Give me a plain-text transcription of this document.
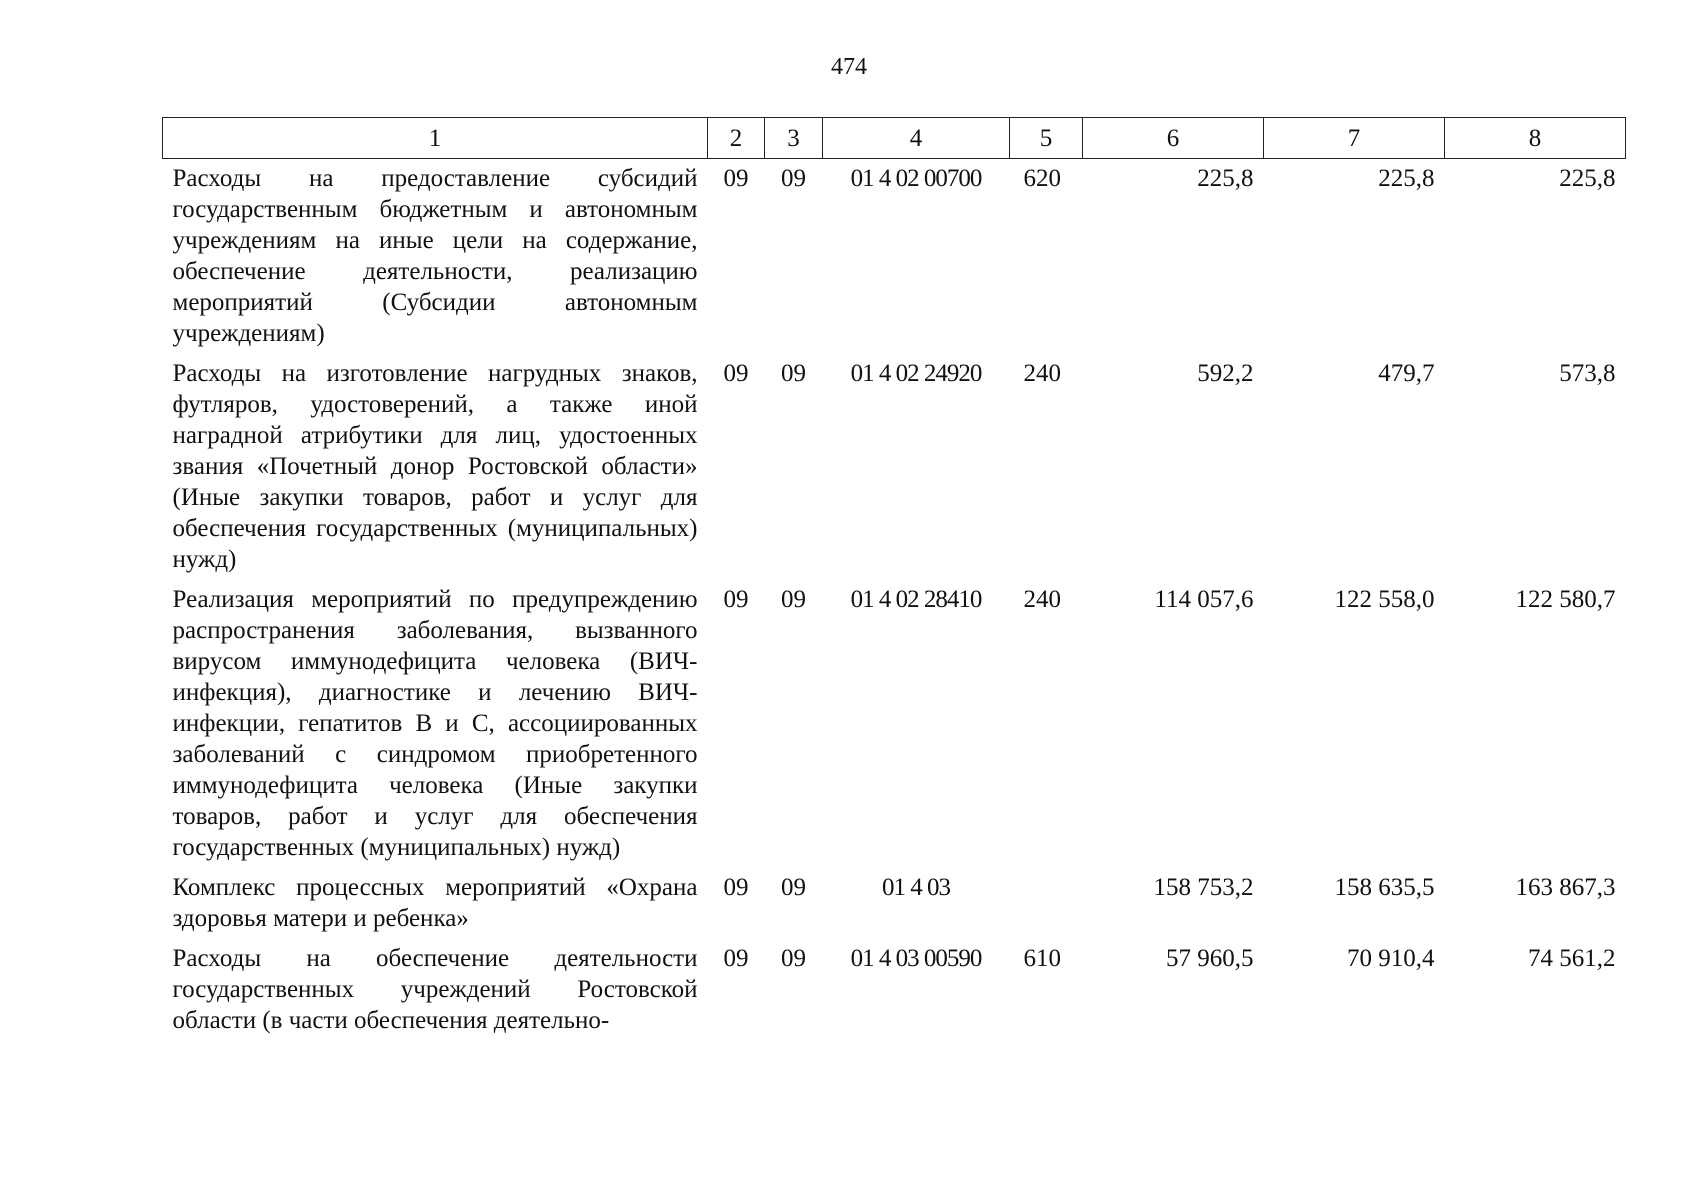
474
1	2	3	4	5	6	7	8
Расходы на предоставление субсидий государственным бюджетным и автономным учреждениям на иные цели на содержание, обеспечение деятельности, реализацию мероприятий (Субсидии автономным учреждениям)	09	09	01 4 02 00700	620	225,8	225,8	225,8
Расходы на изготовление нагрудных знаков, футляров, удостоверений, а также иной наградной атрибутики для лиц, удостоенных звания «Почетный донор Ростовской области» (Иные закупки товаров, работ и услуг для обеспечения государственных (муниципальных) нужд)	09	09	01 4 02 24920	240	592,2	479,7	573,8
Реализация мероприятий по предупреждению распространения заболевания, вызванного вирусом иммунодефицита человека (ВИЧ-инфекция), диагностике и лечению ВИЧ-инфекции, гепатитов В и С, ассоциированных заболеваний с синдромом приобретенного иммунодефицита человека (Иные закупки товаров, работ и услуг для обеспечения государственных (муниципальных) нужд)	09	09	01 4 02 28410	240	114 057,6	122 558,0	122 580,7
Комплекс процессных мероприятий «Охрана здоровья матери и ребенка»	09	09	01 4 03		158 753,2	158 635,5	163 867,3
Расходы на обеспечение деятельности государственных учреждений Ростовской области (в части обеспечения деятельно-	09	09	01 4 03 00590	610	57 960,5	70 910,4	74 561,2
